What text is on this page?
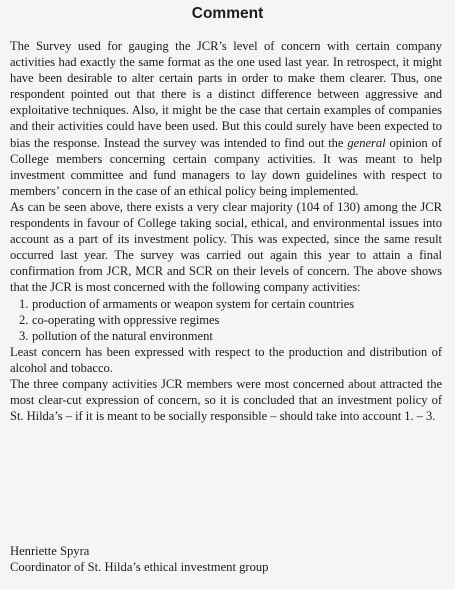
Comment

The Survey used for gauging the JCR’s level of concern with certain company activities had exactly the same format as the one used last year. In retrospect, it might have been desirable to alter certain parts in order to make them clearer. Thus, one respondent pointed out that there is a distinct difference between aggressive and exploitative techniques. Also, it might be the case that certain examples of companies and their activities could have been used. But this could surely have been expected to bias the response. Instead the survey was intended to find out the general opinion of College members concerning certain company activities. It was meant to help investment committee and fund managers to lay down guidelines with respect to members’ concern in the case of an ethical policy being implemented.

As can be seen above, there exists a very clear majority (104 of 130) among the JCR respondents in favour of College taking social, ethical, and environmental issues into account as a part of its investment policy. This was expected, since the same result occurred last year. The survey was carried out again this year to attain a final confirmation from JCR, MCR and SCR on their levels of concern. The above shows that the JCR is most concerned with the following company activities:

1. production of armaments or weapon system for certain countries
2. co-operating with oppressive regimes
3. pollution of the natural environment

Least concern has been expressed with respect to the production and distribution of alcohol and tobacco.

The three company activities JCR members were most concerned about attracted the most clear-cut expression of concern, so it is concluded that an investment policy of St. Hilda’s – if it is meant to be socially responsible – should take into account 1. – 3.

Henriette Spyra

Coordinator of St. Hilda’s ethical investment group
